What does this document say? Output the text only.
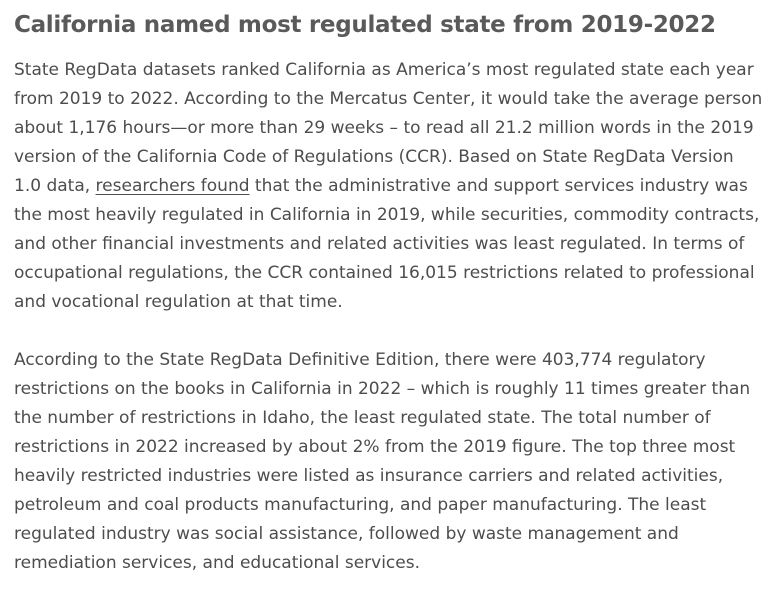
California named most regulated state from 2019-2022

State RegData datasets ranked California as America’s most regulated state each year from 2019 to 2022. According to the Mercatus Center, it would take the average person about 1,176 hours—or more than 29 weeks – to read all 21.2 million words in the 2019 version of the California Code of Regulations (CCR). Based on State RegData Version 1.0 data, researchers found that the administrative and support services industry was the most heavily regulated in California in 2019, while securities, commodity contracts, and other financial investments and related activities was least regulated. In terms of occupational regulations, the CCR contained 16,015 restrictions related to professional and vocational regulation at that time.

According to the State RegData Definitive Edition, there were 403,774 regulatory restrictions on the books in California in 2022 – which is roughly 11 times greater than the number of restrictions in Idaho, the least regulated state. The total number of restrictions in 2022 increased by about 2% from the 2019 figure. The top three most heavily restricted industries were listed as insurance carriers and related activities, petroleum and coal products manufacturing, and paper manufacturing. The least regulated industry was social assistance, followed by waste management and remediation services, and educational services.
